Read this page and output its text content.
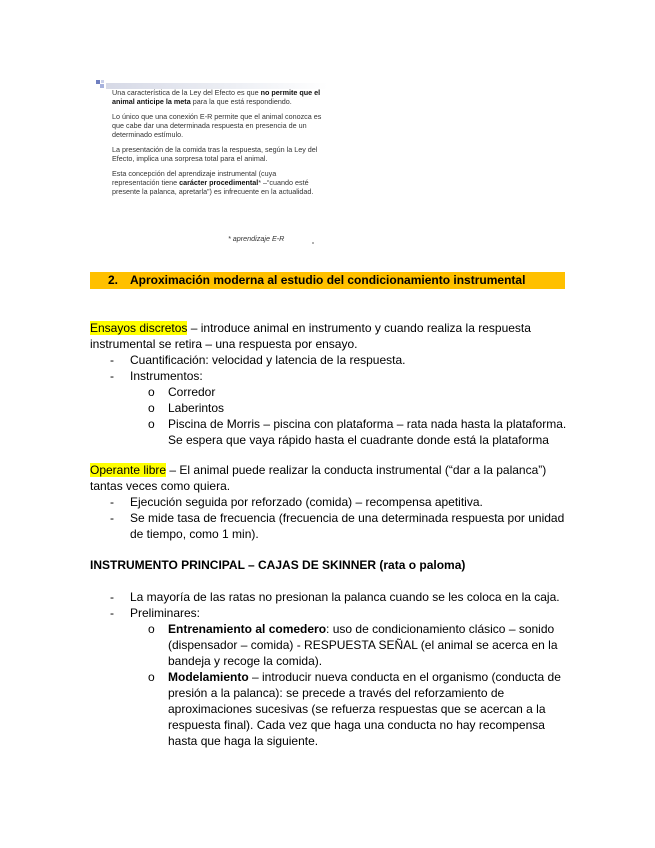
Una característica de la Ley del Efecto es que no permite que el animal anticipe la meta para la que está respondiendo.

Lo único que una conexión E-R permite que el animal conozca es que cabe dar una determinada respuesta en presencia de un determinado estímulo.

La presentación de la comida tras la respuesta, según la Ley del Efecto, implica una sorpresa total para el animal.

Esta concepción del aprendizaje instrumental (cuya representación tiene carácter procedimental* –“cuando esté presente la palanca, apretarla”) es infrecuente en la actualidad.

* aprendizaje E-R
2. Aproximación moderna al estudio del condicionamiento instrumental
Ensayos discretos – introduce animal en instrumento y cuando realiza la respuesta instrumental se retira – una respuesta por ensayo.
- Cuantificación: velocidad y latencia de la respuesta.
- Instrumentos:
o Corredor
o Laberintos
o Piscina de Morris – piscina con plataforma – rata nada hasta la plataforma. Se espera que vaya rápido hasta el cuadrante donde está la plataforma
Operante libre – El animal puede realizar la conducta instrumental (“dar a la palanca”) tantas veces como quiera.
- Ejecución seguida por reforzado (comida) – recompensa apetitiva.
- Se mide tasa de frecuencia (frecuencia de una determinada respuesta por unidad de tiempo, como 1 min).
INSTRUMENTO PRINCIPAL – CAJAS DE SKINNER (rata o paloma)
- La mayoría de las ratas no presionan la palanca cuando se les coloca en la caja.
- Preliminares:
o Entrenamiento al comedero: uso de condicionamiento clásico – sonido (dispensador – comida) - RESPUESTA SEÑAL (el animal se acerca en la bandeja y recoge la comida).
o Modelamiento – introducir nueva conducta en el organismo (conducta de presión a la palanca): se precede a través del reforzamiento de aproximaciones sucesivas (se refuerza respuestas que se acercan a la respuesta final). Cada vez que haga una conducta no hay recompensa hasta que haga la siguiente.
